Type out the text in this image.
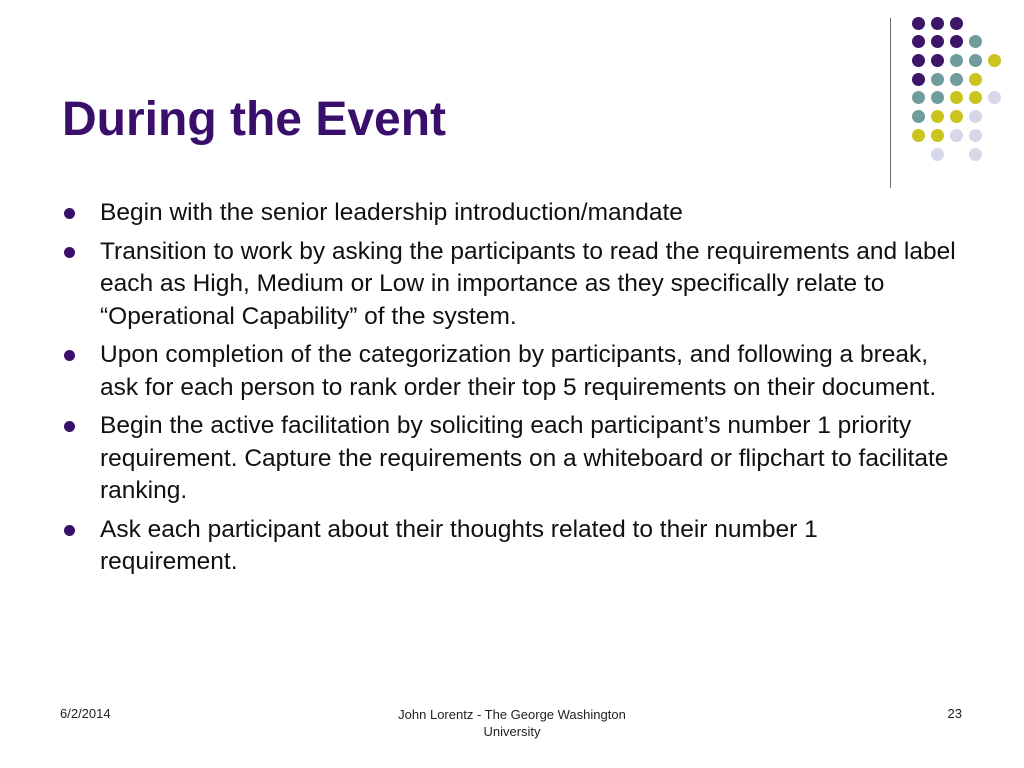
During the Event
Begin with the senior leadership introduction/mandate
Transition to work by asking the participants to read the requirements and label each as High, Medium or Low in importance as they specifically relate to “Operational Capability” of the system.
Upon completion of the categorization by participants, and following a break, ask for each person to rank order their top 5 requirements on their document.
Begin the active facilitation by soliciting each participant’s number 1 priority requirement. Capture the requirements on a whiteboard or flipchart to facilitate ranking.
Ask each participant about their thoughts related to their number 1 requirement.
6/2/2014	John Lorentz - The George Washington
University
23
